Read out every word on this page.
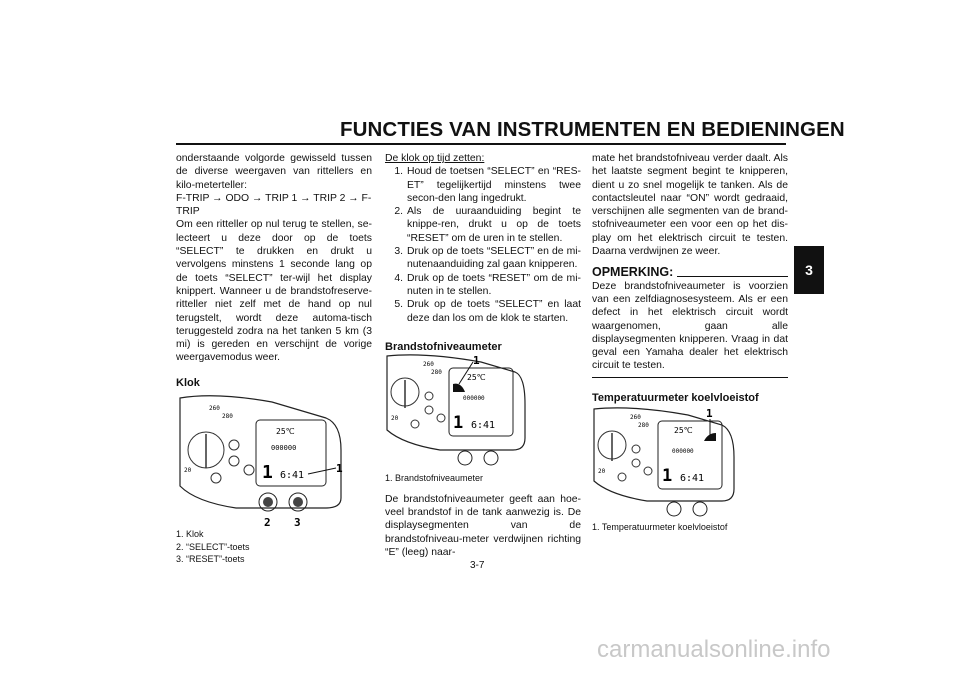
FUNCTIES VAN INSTRUMENTEN EN BEDIENINGEN
3

onderstaande volgorde gewisseld tussen de diverse weergaven van rittellers en kilo-meterteller:

F-TRIP → ODO → TRIP 1 → TRIP 2 → F-TRIP

Om een ritteller op nul terug te stellen, se-lecteert u deze door op de toets “SELECT” te drukken en drukt u vervolgens minstens 1 seconde lang op de toets “SELECT” ter-wijl het display knippert. Wanneer u de brandstofreserve-ritteller niet zelf met de hand op nul terugstelt, wordt deze automa-tisch teruggesteld zodra na het tanken 5 km (3 mi) is gereden en verschijnt de vorige weergavemodus weer.

Klok

260
280
20
25℃
000000
1 6:41
1
2 3

1. Klok

2. “SELECT”-toets

3. “RESET”-toets

De klok op tijd zetten:

1. Houd de toetsen “SELECT” en “RES-ET” tegelijkertijd minstens twee secon-den lang ingedrukt.
2. Als de uuraanduiding begint te knippe-ren, drukt u op de toets “RESET” om de uren in te stellen.
3. Druk op de toets “SELECT” en de mi-nutenaanduiding zal gaan knipperen.
4. Druk op de toets “RESET” om de mi-nuten in te stellen.
5. Druk op de toets “SELECT” en laat deze dan los om de klok te starten.

Brandstofniveaumeter

260
280
20
25℃
000000
1 6:41
1

1. Brandstofniveaumeter

De brandstofniveaumeter geeft aan hoe-veel brandstof in de tank aanwezig is. De displaysegmenten van de brandstofniveau-meter verdwijnen richting “E” (leeg) naar-

mate het brandstofniveau verder daalt. Als het laatste segment begint te knipperen, dient u zo snel mogelijk te tanken. Als de contactsleutel naar “ON” wordt gedraaid, verschijnen alle segmenten van de brand-stofniveaumeter een voor een op het dis-play om het elektrisch circuit te testen. Daarna verdwijnen ze weer.

OPMERKING:

Deze brandstofniveaumeter is voorzien van een zelfdiagnosesysteem. Als er een defect in het elektrisch circuit wordt waargenomen, gaan alle displaysegmenten knipperen. Vraag in dat geval een Yamaha dealer het elektrisch circuit te testen.

Temperatuurmeter koelvloeistof

260
280
20
25℃
000000
1 6:41
1

1. Temperatuurmeter koelvloeistof

3-7
carmanualsonline.info
